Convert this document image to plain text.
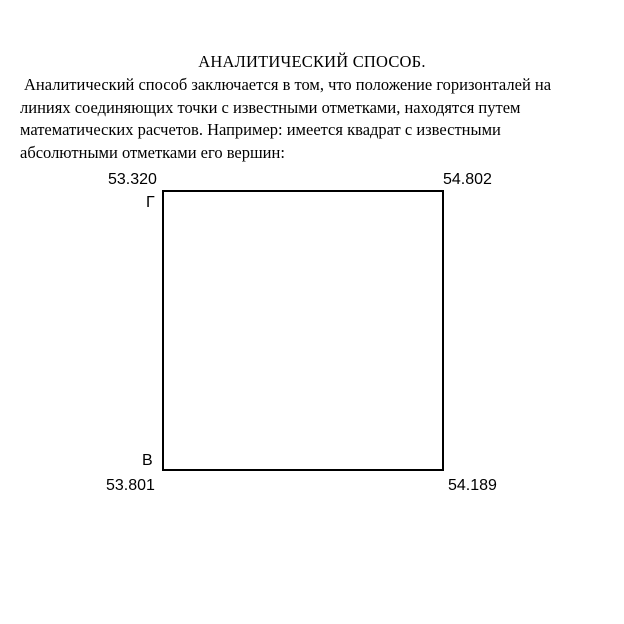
АНАЛИТИЧЕСКИЙ СПОСОБ.
Аналитический способ заключается в том, что положение горизонталей на
линиях соединяющих точки с известными отметками, находятся путем
математических расчетов. Например: имеется квадрат с известными
абсолютными отметками его вершин:
53.320	54.802
Г
В
53.801	54.189
